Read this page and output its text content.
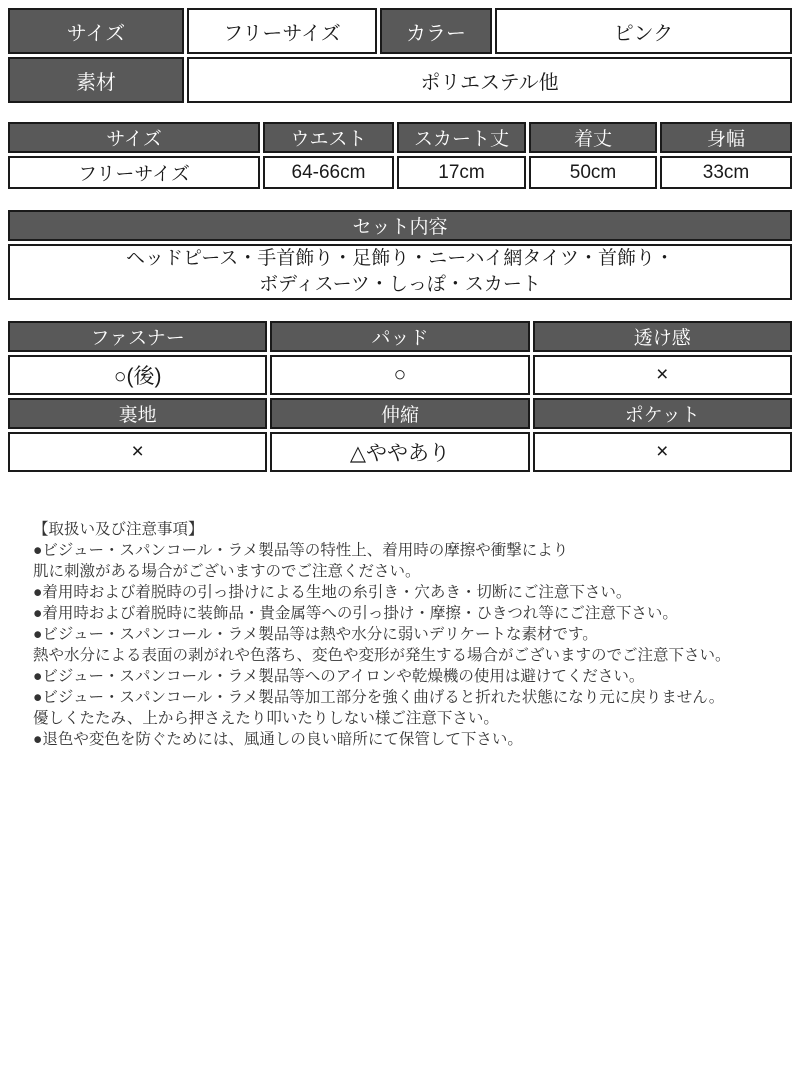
サイズ	フリーサイズ	カラー	ピンク
素材	ポリエステル他		
サイズ	ウエスト	スカート丈	着丈	身幅
フリーサイズ	64-66cm	17cm	50cm	33cm
セット内容

ヘッドピース・手首飾り・足飾り・ニーハイ網タイツ・首飾り・
ボディスーツ・しっぽ・スカート
ファスナー	パッド	透け感
○(後)	○	×
裏地	伸縮	ポケット
×	△ややあり	×
【取扱い及び注意事項】
●ビジュー・スパンコール・ラメ製品等の特性上、着用時の摩擦や衝撃により
肌に刺激がある場合がございますのでご注意ください。
●着用時および着脱時の引っ掛けによる生地の糸引き・穴あき・切断にご注意下さい。
●着用時および着脱時に装飾品・貴金属等への引っ掛け・摩擦・ひきつれ等にご注意下さい。
●ビジュー・スパンコール・ラメ製品等は熱や水分に弱いデリケートな素材です。
熱や水分による表面の剥がれや色落ち、変色や変形が発生する場合がございますのでご注意下さい。
●ビジュー・スパンコール・ラメ製品等へのアイロンや乾燥機の使用は避けてください。
●ビジュー・スパンコール・ラメ製品等加工部分を強く曲げると折れた状態になり元に戻りません。
優しくたたみ、上から押さえたり叩いたりしない様ご注意下さい。
●退色や変色を防ぐためには、風通しの良い暗所にて保管して下さい。
